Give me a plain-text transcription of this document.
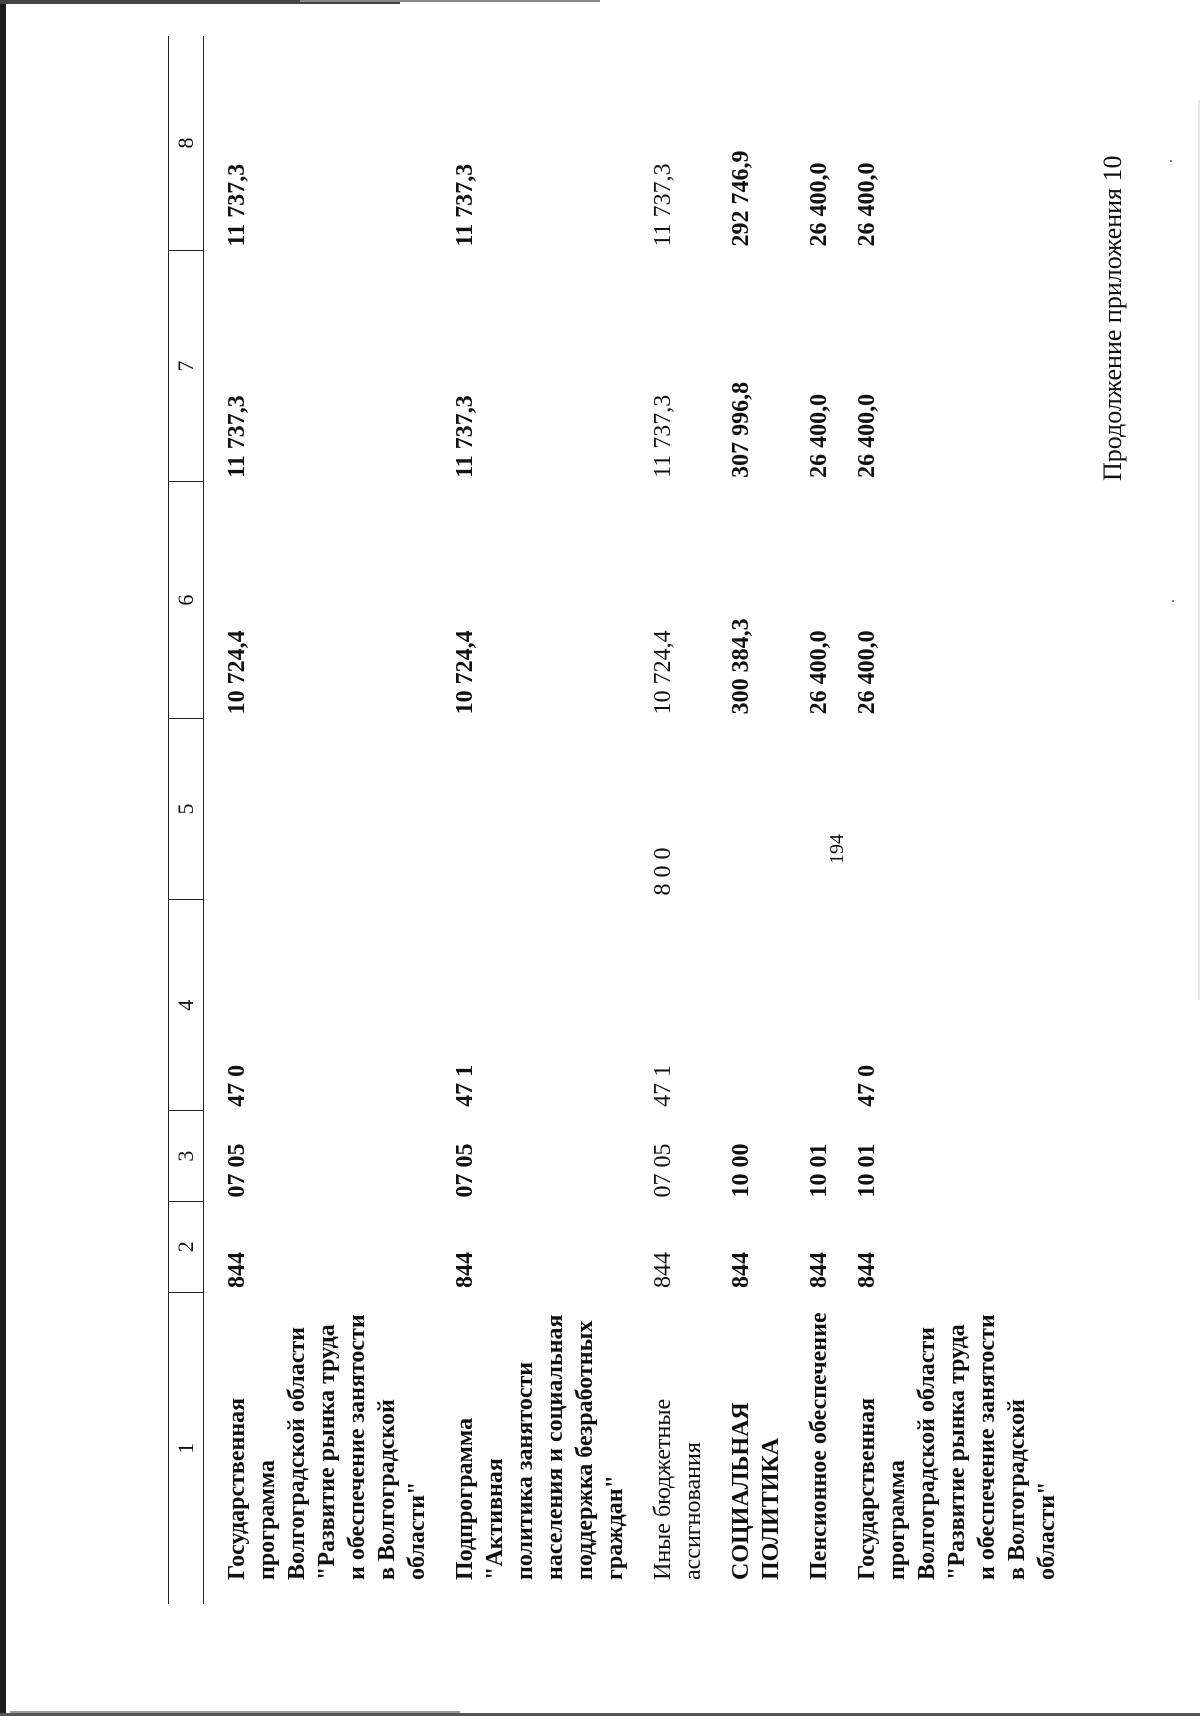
194
Продолжение приложения 10
1	2	3	4	5	6	7	8
Государственная программа
Волгоградской области
"Развитие рынка труда
и обеспечение занятости
в Волгоградской области"	844	07 05	47 0		10 724,4	11 737,3	11 737,3
Подпрограмма "Активная
политика занятости
населения и социальная
поддержка безработных
граждан"	844	07 05	47 1		10 724,4	11 737,3	11 737,3
Иные бюджетные
ассигнования	844	07 05	47 1	8 0 0	10 724,4	11 737,3	11 737,3
СОЦИАЛЬНАЯ ПОЛИТИКА	844	10 00			300 384,3	307 996,8	292 746,9
Пенсионное обеспечение	844	10 01			26 400,0	26 400,0	26 400,0
Государственная программа
Волгоградской области
"Развитие рынка труда
и обеспечение занятости
в Волгоградской области"	844	10 01	47 0		26 400,0	26 400,0	26 400,0
